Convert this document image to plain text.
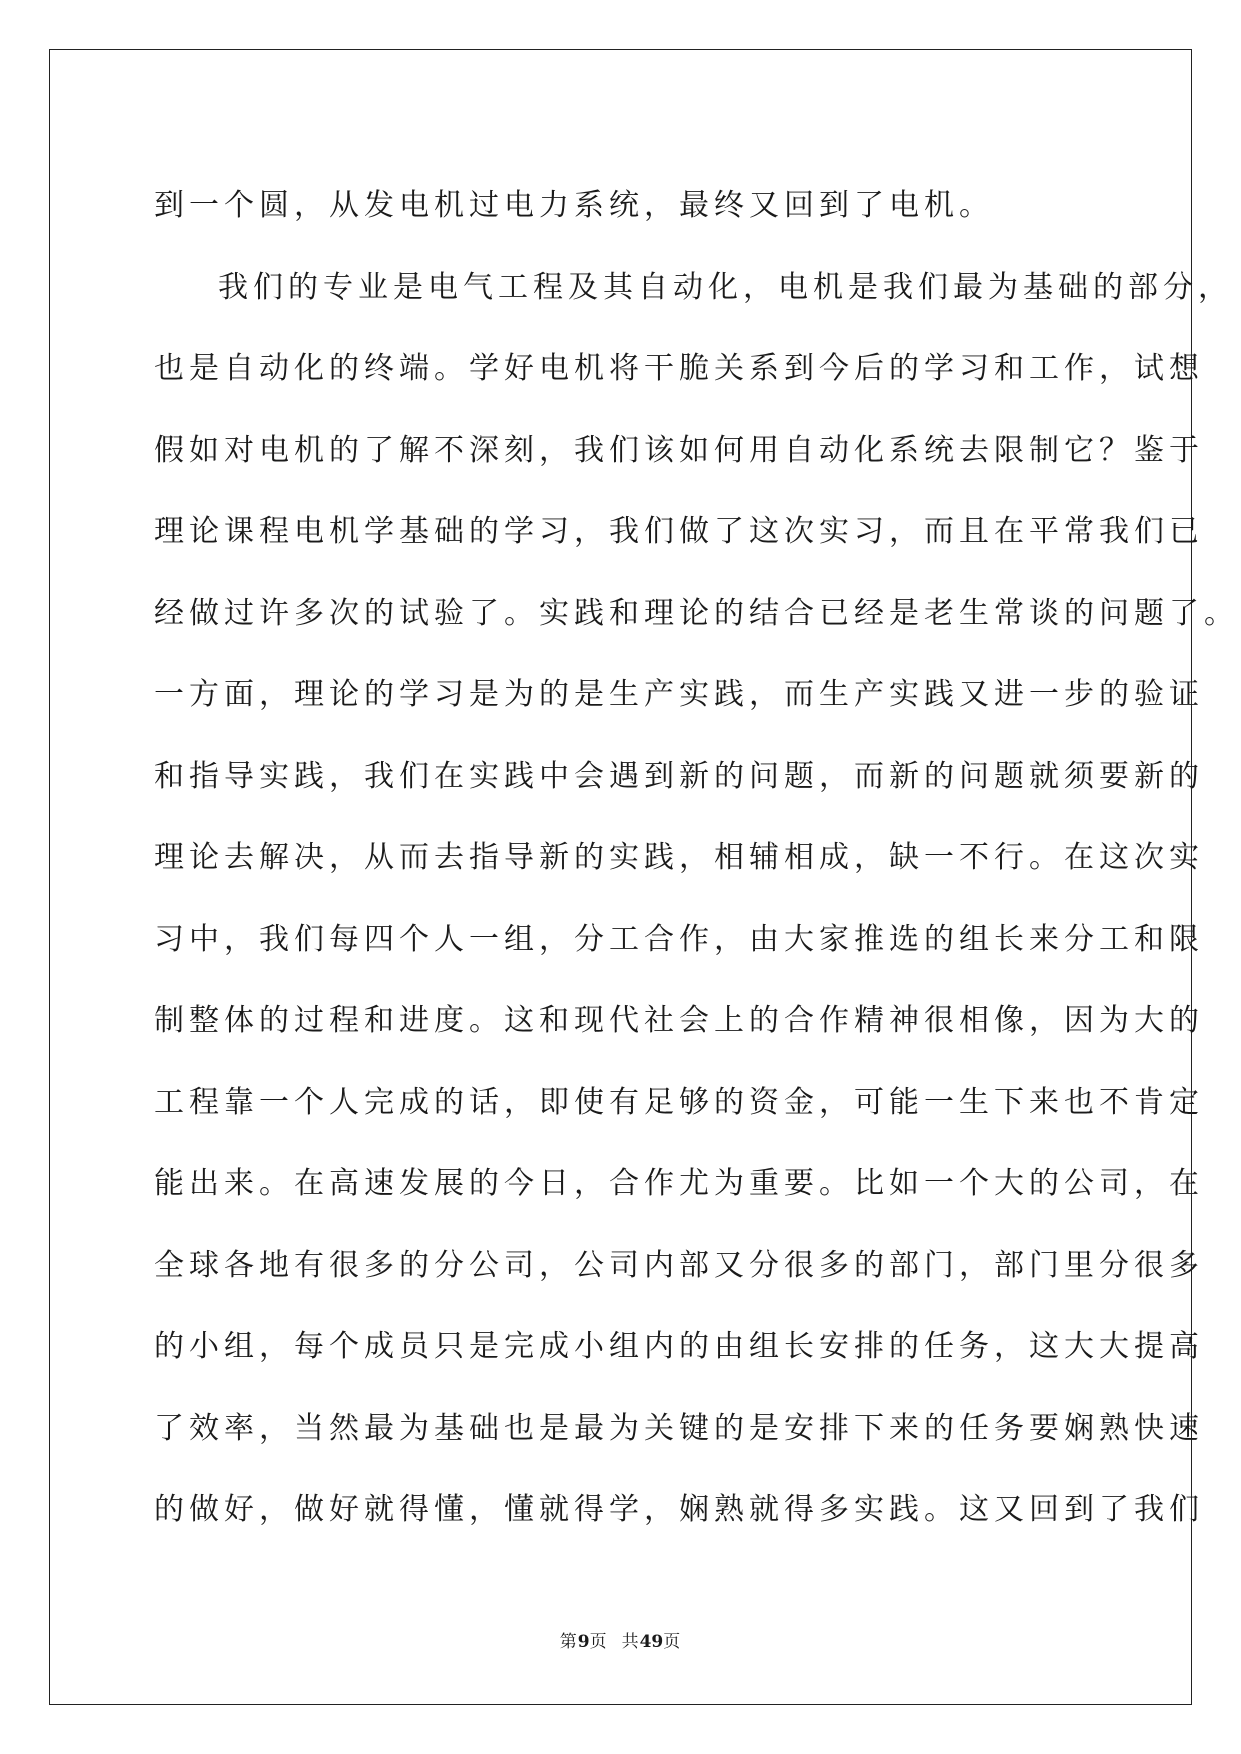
到一个圆，从发电机过电力系统，最终又回到了电机。
我们的专业是电气工程及其自动化，电机是我们最为基础的部分，
也是自动化的终端。学好电机将干脆关系到今后的学习和工作，试想
假如对电机的了解不深刻，我们该如何用自动化系统去限制它？鉴于
理论课程电机学基础的学习，我们做了这次实习，而且在平常我们已
经做过许多次的试验了。实践和理论的结合已经是老生常谈的问题了。
一方面，理论的学习是为的是生产实践，而生产实践又进一步的验证
和指导实践，我们在实践中会遇到新的问题，而新的问题就须要新的
理论去解决，从而去指导新的实践，相辅相成，缺一不行。在这次实
习中，我们每四个人一组，分工合作，由大家推选的组长来分工和限
制整体的过程和进度。这和现代社会上的合作精神很相像，因为大的
工程靠一个人完成的话，即使有足够的资金，可能一生下来也不肯定
能出来。在高速发展的今日，合作尤为重要。比如一个大的公司，在
全球各地有很多的分公司，公司内部又分很多的部门，部门里分很多
的小组，每个成员只是完成小组内的由组长安排的任务，这大大提高
了效率，当然最为基础也是最为关键的是安排下来的任务要娴熟快速
的做好，做好就得懂，懂就得学，娴熟就得多实践。这又回到了我们
第9页 共49页
